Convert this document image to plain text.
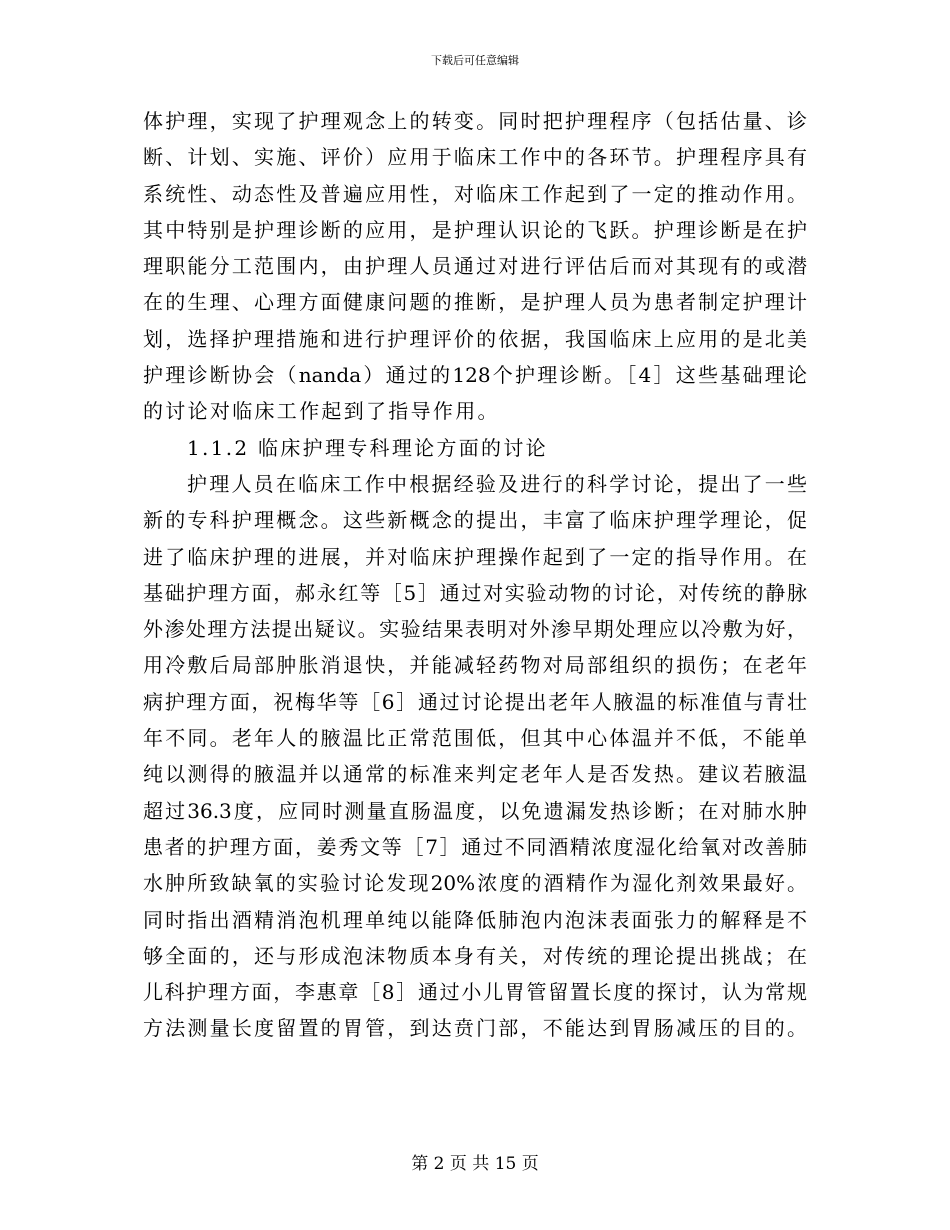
下载后可任意编辑
体护理，实现了护理观念上的转变。同时把护理程序（包括估量、诊
断、计划、实施、评价）应用于临床工作中的各环节。护理程序具有
系统性、动态性及普遍应用性，对临床工作起到了一定的推动作用。
其中特别是护理诊断的应用，是护理认识论的飞跃。护理诊断是在护
理职能分工范围内，由护理人员通过对进行评估后而对其现有的或潜
在的生理、心理方面健康问题的推断，是护理人员为患者制定护理计
划，选择护理措施和进行护理评价的依据，我国临床上应用的是北美
护理诊断协会（nanda）通过的128个护理诊断。［4］这些基础理论
的讨论对临床工作起到了指导作用。
1.1.2 临床护理专科理论方面的讨论
护理人员在临床工作中根据经验及进行的科学讨论，提出了一些
新的专科护理概念。这些新概念的提出，丰富了临床护理学理论，促
进了临床护理的进展，并对临床护理操作起到了一定的指导作用。在
基础护理方面，郝永红等［5］通过对实验动物的讨论，对传统的静脉
外渗处理方法提出疑议。实验结果表明对外渗早期处理应以冷敷为好，
用冷敷后局部肿胀消退快，并能减轻药物对局部组织的损伤；在老年
病护理方面，祝梅华等［6］通过讨论提出老年人腋温的标准值与青壮
年不同。老年人的腋温比正常范围低，但其中心体温并不低，不能单
纯以测得的腋温并以通常的标准来判定老年人是否发热。建议若腋温
超过36.3度，应同时测量直肠温度，以免遗漏发热诊断；在对肺水肿
患者的护理方面，姜秀文等［7］通过不同酒精浓度湿化给氧对改善肺
水肿所致缺氧的实验讨论发现20%浓度的酒精作为湿化剂效果最好。
同时指出酒精消泡机理单纯以能降低肺泡内泡沫表面张力的解释是不
够全面的，还与形成泡沫物质本身有关，对传统的理论提出挑战；在
儿科护理方面，李惠章［8］通过小儿胃管留置长度的探讨，认为常规
方法测量长度留置的胃管，到达贲门部，不能达到胃肠减压的目的。
第 2 页 共 15 页
